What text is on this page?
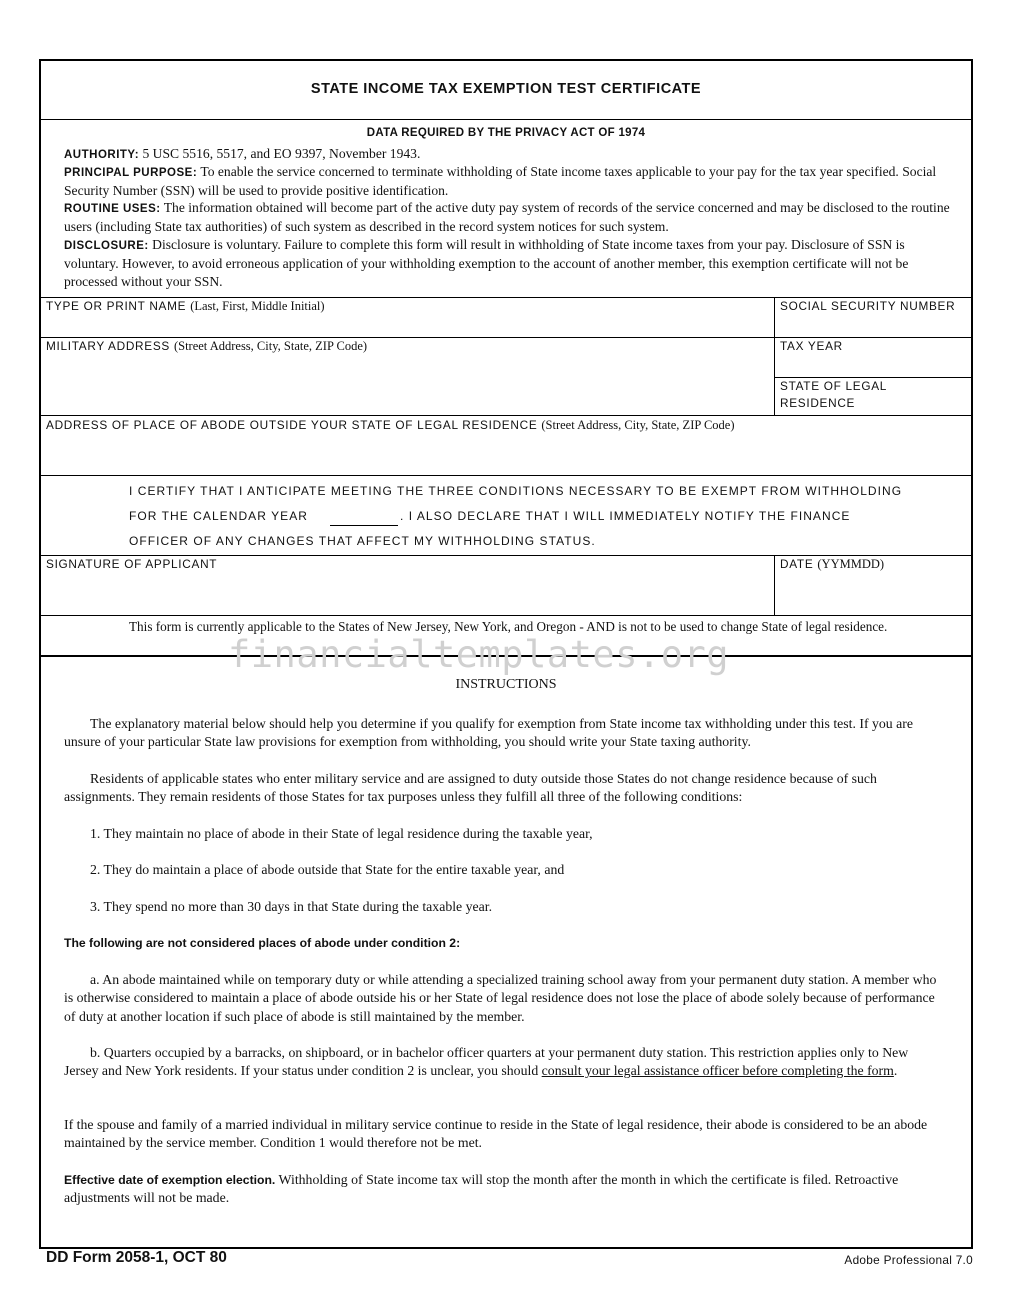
STATE INCOME TAX EXEMPTION TEST CERTIFICATE
DATA REQUIRED BY THE PRIVACY ACT OF 1974
AUTHORITY: 5 USC 5516, 5517, and EO 9397, November 1943.
PRINCIPAL PURPOSE: To enable the service concerned to terminate withholding of State income taxes applicable to your pay for the tax year specified. Social Security Number (SSN) will be used to provide positive identification.
ROUTINE USES: The information obtained will become part of the active duty pay system of records of the service concerned and may be disclosed to the routine users (including State tax authorities) of such system as described in the record system notices for such system.
DISCLOSURE: Disclosure is voluntary. Failure to complete this form will result in withholding of State income taxes from your pay. Disclosure of SSN is voluntary. However, to avoid erroneous application of your withholding exemption to the account of another member, this exemption certificate will not be processed without your SSN.
TYPE OR PRINT NAME (Last, First, Middle Initial)	SOCIAL SECURITY NUMBER
MILITARY ADDRESS (Street Address, City, State, ZIP Code)	TAX YEAR
STATE OF LEGAL RESIDENCE
ADDRESS OF PLACE OF ABODE OUTSIDE YOUR STATE OF LEGAL RESIDENCE (Street Address, City, State, ZIP Code)
I CERTIFY THAT I ANTICIPATE MEETING THE THREE CONDITIONS NECESSARY TO BE EXEMPT FROM WITHHOLDING
FOR THE CALENDAR YEAR	. I ALSO DECLARE THAT I WILL IMMEDIATELY NOTIFY THE FINANCE
OFFICER OF ANY CHANGES THAT AFFECT MY WITHHOLDING STATUS.
SIGNATURE OF APPLICANT	DATE (YYMMDD)
This form is currently applicable to the States of New Jersey, New York, and Oregon - AND is not to be used to change State of legal residence.
INSTRUCTIONS
The explanatory material below should help you determine if you qualify for exemption from State income tax withholding under this test. If you are unsure of your particular State law provisions for exemption from withholding, you should write your State taxing authority.
Residents of applicable states who enter military service and are assigned to duty outside those States do not change residence because of such assignments. They remain residents of those States for tax purposes unless they fulfill all three of the following conditions:
1. They maintain no place of abode in their State of legal residence during the taxable year,
2. They do maintain a place of abode outside that State for the entire taxable year, and
3. They spend no more than 30 days in that State during the taxable year.
The following are not considered places of abode under condition 2:
a. An abode maintained while on temporary duty or while attending a specialized training school away from your permanent duty station. A member who is otherwise considered to maintain a place of abode outside his or her State of legal residence does not lose the place of abode solely because of performance of duty at another location if such place of abode is still maintained by the member.
b. Quarters occupied by a barracks, on shipboard, or in bachelor officer quarters at your permanent duty station. This restriction applies only to New Jersey and New York residents. If your status under condition 2 is unclear, you should consult your legal assistance officer before completing the form.
If the spouse and family of a married individual in military service continue to reside in the State of legal residence, their abode is considered to be an abode maintained by the service member. Condition 1 would therefore not be met.
Effective date of exemption election. Withholding of State income tax will stop the month after the month in which the certificate is filed. Retroactive adjustments will not be made.
financialtemplates.org
DD Form 2058-1, OCT 80	Adobe Professional 7.0
